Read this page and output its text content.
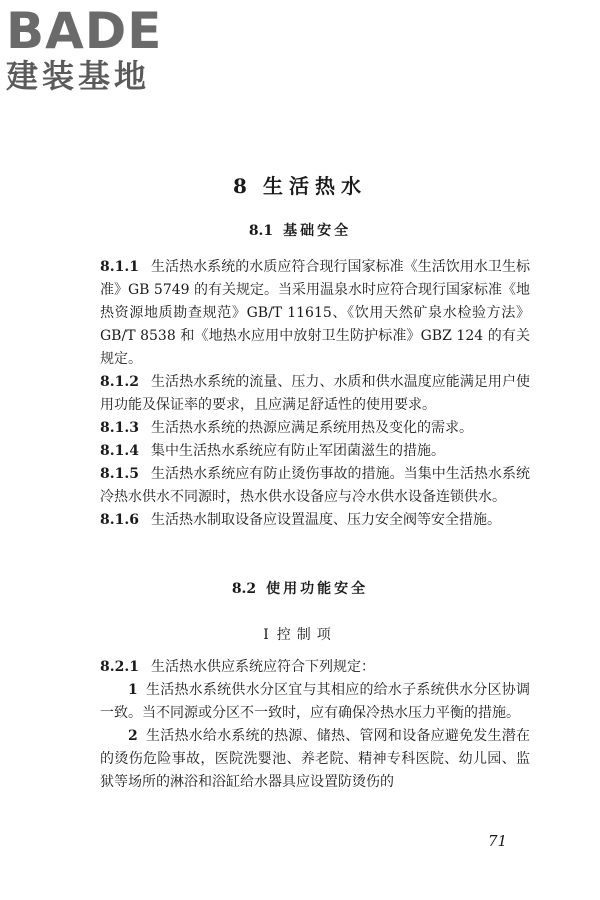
BADE
建装基地
8 生活热水
8.1 基础安全

8.1.1 生活热水系统的水质应符合现行国家标准《生活饮用水卫生标准》GB 5749 的有关规定。当采用温泉水时应符合现行国家标准《地热资源地质勘查规范》GB/T 11615、《饮用天然矿泉水检验方法》GB/T 8538 和《地热水应用中放射卫生防护标准》GBZ 124 的有关规定。

8.1.2 生活热水系统的流量、压力、水质和供水温度应能满足用户使用功能及保证率的要求，且应满足舒适性的使用要求。

8.1.3 生活热水系统的热源应满足系统用热及变化的需求。

8.1.4 集中生活热水系统应有防止军团菌滋生的措施。

8.1.5 生活热水系统应有防止烫伤事故的措施。当集中生活热水系统冷热水供水不同源时，热水供水设备应与冷水供水设备连锁供水。

8.1.6 生活热水制取设备应设置温度、压力安全阀等安全措施。

8.2 使用功能安全
Ⅰ 控制项

8.2.1 生活热水供应系统应符合下列规定：

1 生活热水系统供水分区宜与其相应的给水子系统供水分区协调一致。当不同源或分区不一致时，应有确保冷热水压力平衡的措施。

2 生活热水给水系统的热源、储热、管网和设备应避免发生潜在的烫伤危险事故，医院洗婴池、养老院、精神专科医院、幼儿园、监狱等场所的淋浴和浴缸给水器具应设置防烫伤的

71
